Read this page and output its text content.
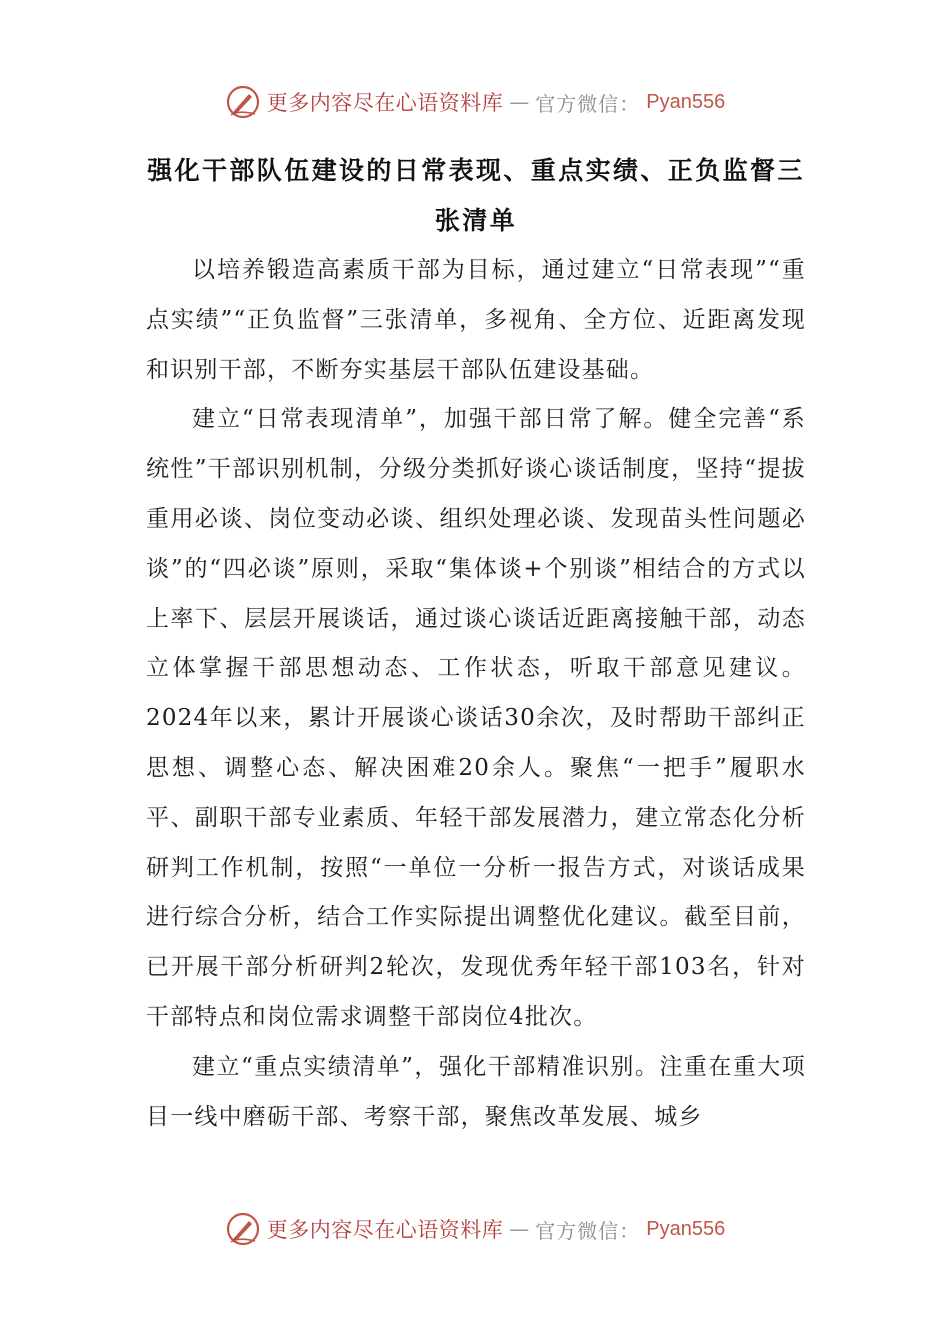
更多内容尽在心语资料库 — 官方微信： Pyan556
强化干部队伍建设的日常表现、重点实绩、正负监督三张清单

以培养锻造高素质干部为目标，通过建立“日常表现”“重点实绩”“正负监督”三张清单，多视角、全方位、近距离发现和识别干部，不断夯实基层干部队伍建设基础。

建立“日常表现清单”，加强干部日常了解。健全完善“系统性”干部识别机制，分级分类抓好谈心谈话制度，坚持“提拔重用必谈、岗位变动必谈、组织处理必谈、发现苗头性问题必谈”的“四必谈”原则，采取“集体谈+个别谈”相结合的方式以上率下、层层开展谈话，通过谈心谈话近距离接触干部，动态立体掌握干部思想动态、工作状态，听取干部意见建议。2024年以来，累计开展谈心谈话30余次，及时帮助干部纠正思想、调整心态、解决困难20余人。聚焦“一把手”履职水平、副职干部专业素质、年轻干部发展潜力，建立常态化分析研判工作机制，按照“一单位一分析一报告方式，对谈话成果进行综合分析，结合工作实际提出调整优化建议。截至目前，已开展干部分析研判2轮次，发现优秀年轻干部103名，针对干部特点和岗位需求调整干部岗位4批次。

建立“重点实绩清单”，强化干部精准识别。注重在重大项目一线中磨砺干部、考察干部，聚焦改革发展、城乡

更多内容尽在心语资料库 — 官方微信： Pyan556
